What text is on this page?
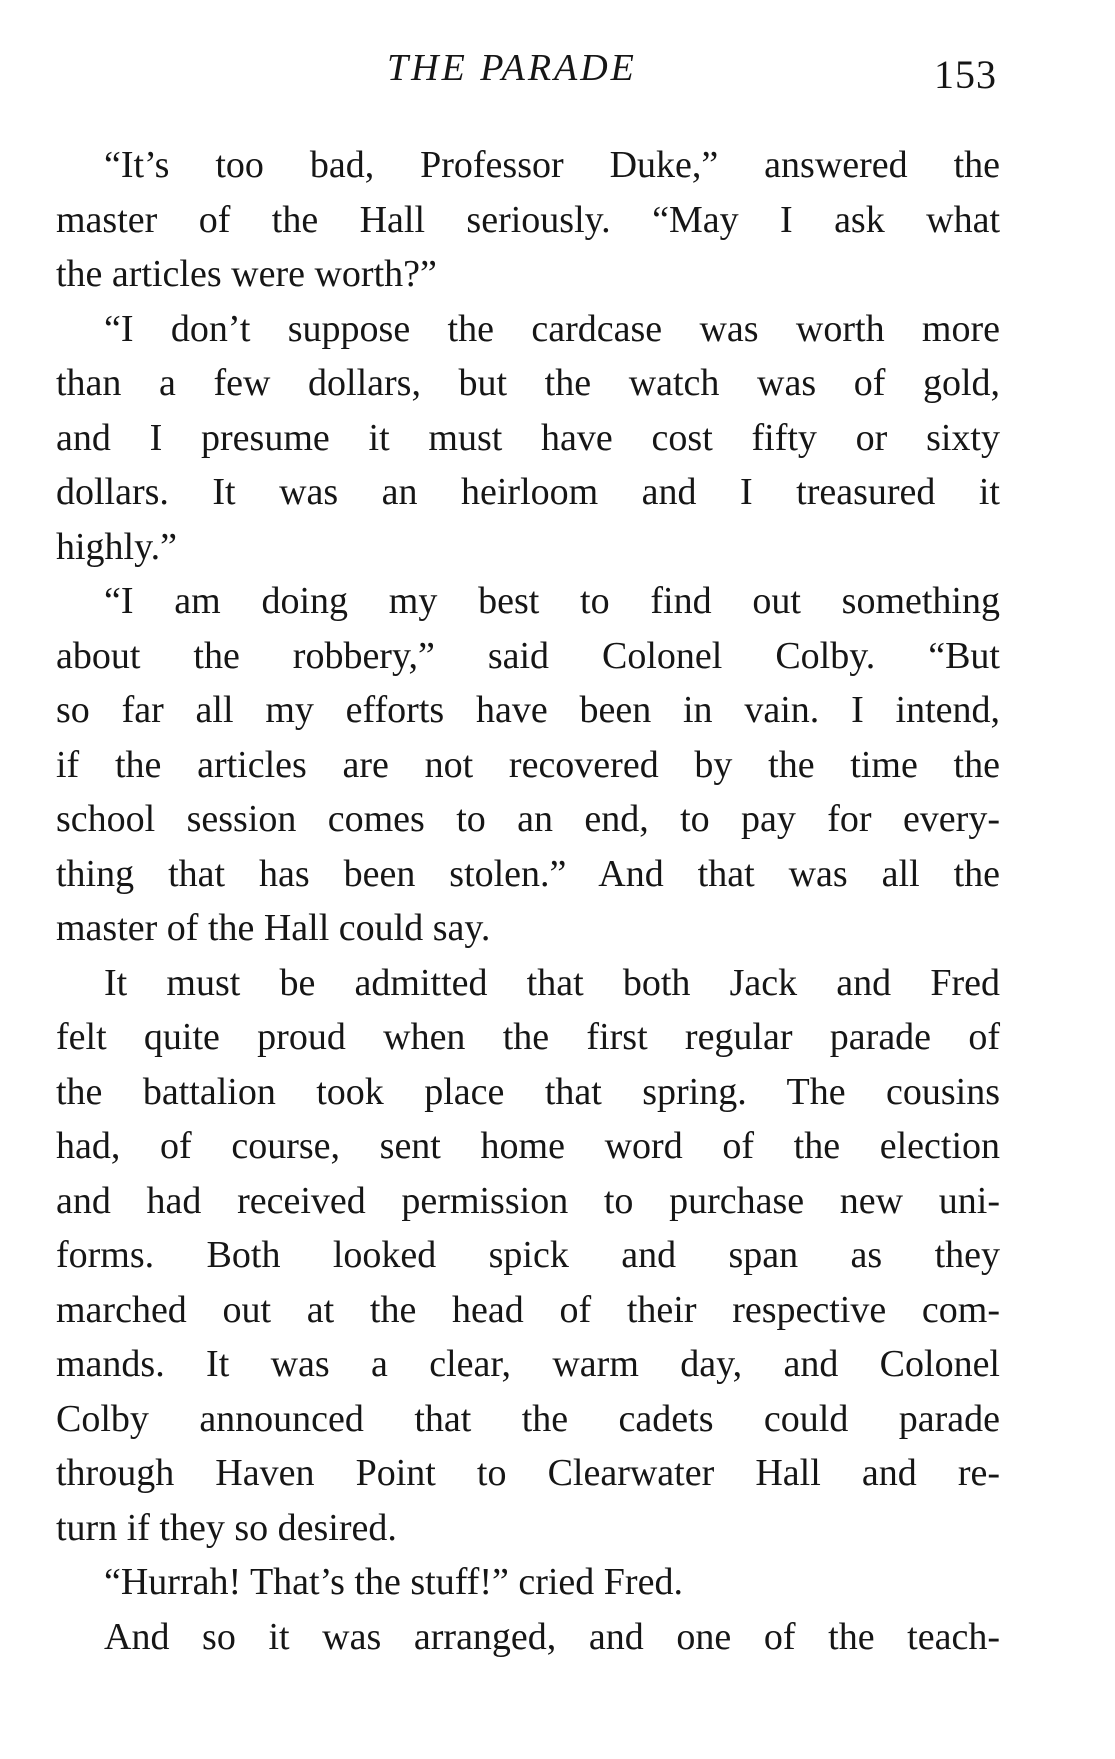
THE PARADE	153
“It’s too bad, Professor Duke,” answered the
master of the Hall seriously. “May I ask what
the articles were worth?”
“I don’t suppose the cardcase was worth more
than a few dollars, but the watch was of gold,
and I presume it must have cost fifty or sixty
dollars. It was an heirloom and I treasured it
highly.”
“I am doing my best to find out something
about the robbery,” said Colonel Colby. “But
so far all my efforts have been in vain. I intend,
if the articles are not recovered by the time the
school session comes to an end, to pay for every-
thing that has been stolen.” And that was all the
master of the Hall could say.
It must be admitted that both Jack and Fred
felt quite proud when the first regular parade of
the battalion took place that spring. The cousins
had, of course, sent home word of the election
and had received permission to purchase new uni-
forms. Both looked spick and span as they
marched out at the head of their respective com-
mands. It was a clear, warm day, and Colonel
Colby announced that the cadets could parade
through Haven Point to Clearwater Hall and re-
turn if they so desired.
“Hurrah! That’s the stuff!” cried Fred.
And so it was arranged, and one of the teach-
